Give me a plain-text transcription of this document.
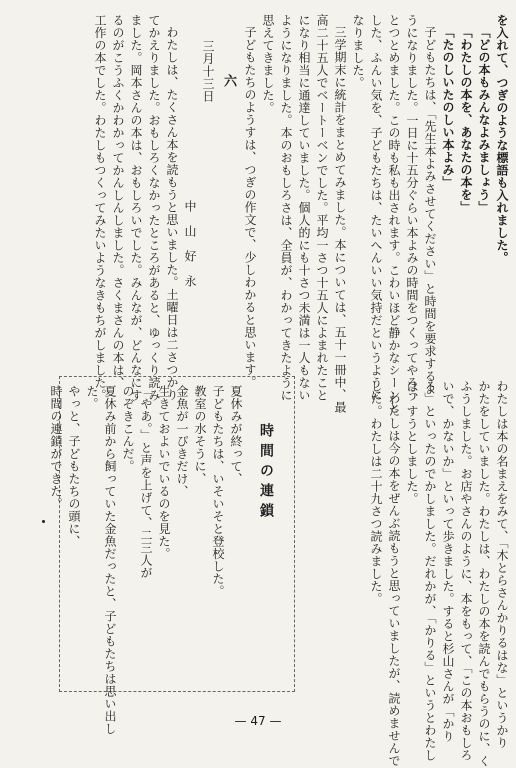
を入れて、つぎのような標語も入れました。
「どの本もみんなよみましょう」
「わたしの本を、あなたの本を」
「たのしいたのしい本よみ」
子どもたちは、「先生本よみさせてください」と時間を要求するよ
うになりました。一日に十五分ぐらい本よみの時間をつくってやろう
とつとめました。この時も私も出されます。こわいほど静かなシーンと
した、ふんい気を、子どもたちは、たいへんいい気持だというように
なりました。
三学期末に統計をまとめてみました。本については、五十一冊中、最
高二十五人でベートーベンでした。平均一さつ十五人によまれたこと
になり相当に通達していました。個人的にも十さつ未満は一人もない
ようになりました。本のおもしろさは、全員が、わかってきたように
思えてきました。
子どもたちのようすは、つぎの作文で、少しわかると思います。
六
三月十三日
中　山　好　永
わたしは、たくさん本を読もうと思いました。土曜日は二さつかり
てかえりました。おもしろくなかったところがあると、ゆっくり読み
ました。岡本さんの本は、おもしろいでした。みんなが、どんなにす
るのがこうふくかわかってかんしんしました。さくまさんの本は、
工作の本でした。わたしもつくってみたいようなきもちがしました。
わたしは本の名まえをみて、「木とらさんかりるはな」というかり
かたをしていました。わたしは、わたしの本を読んでもらうのに、く
ふうしました。お店やさんのように、本をもって、「この本おもしろ
いで、かないか」といって歩きました。すると杉山さんが「かり
る」といったのでかしました。だれかが、「かりる」というとわたし
は、すうとしました。
わたしは今の本をぜんぶ読もうと思っていましたが、読めませんで
した。わたしは二十九さつ読みました。
時間の連鎖
夏休みが終って、
子どもたちは、いそいそと登校した。
教室の水そうに、
金魚が一ぴきだけ、
生きておよいでいるのを見た。
「やあ。」と声を上げて、二三人が
のぞきこんだ。
夏休み前から飼っていた金魚だったと、子どもたちは思い出し
た。
やっと、子どもたちの頭に、
時間の連鎖ができた。
— 47 —
